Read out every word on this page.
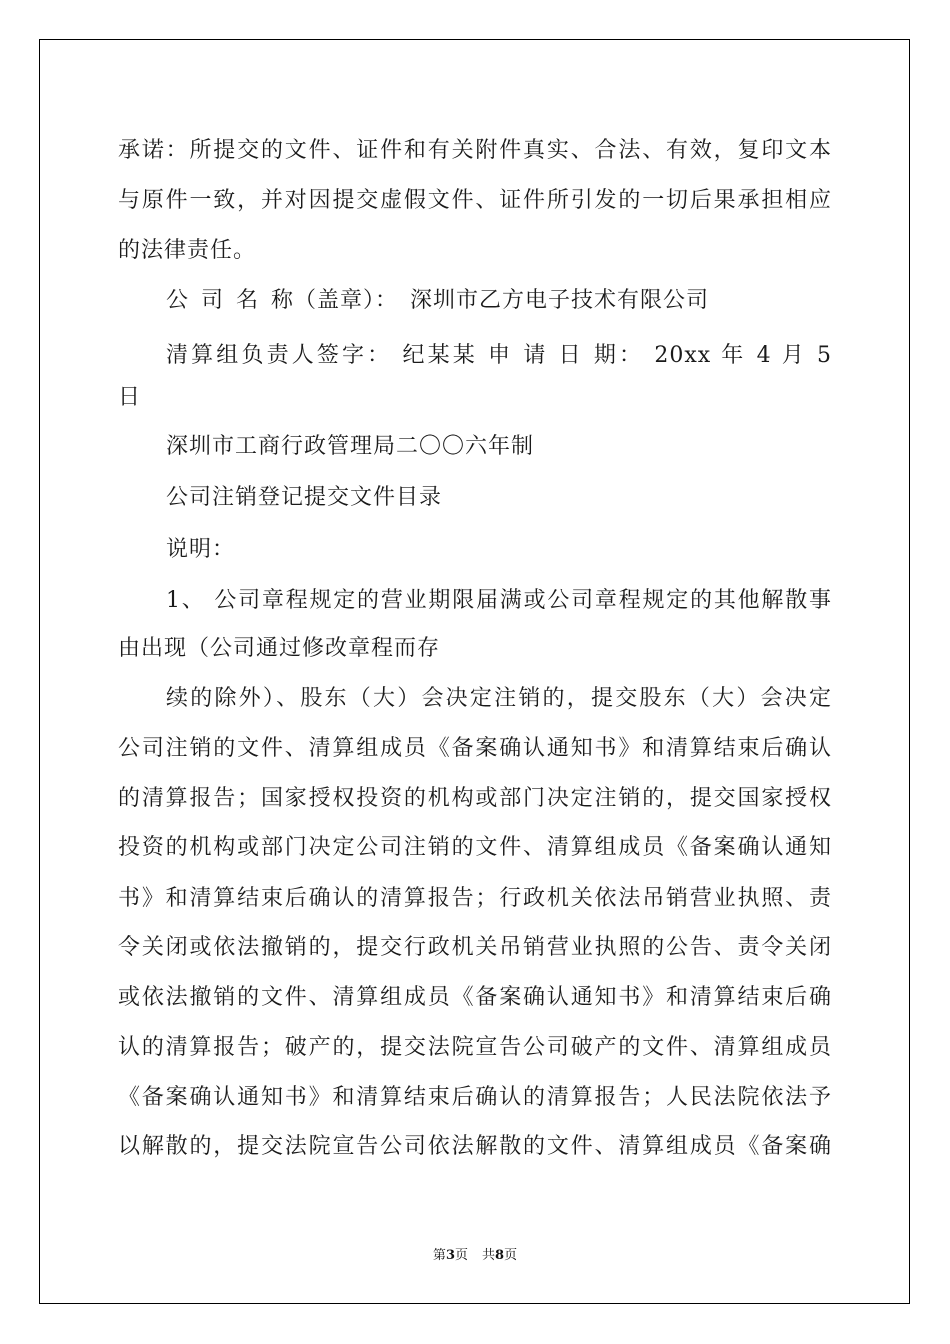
承诺：所提交的文件、证件和有关附件真实、合法、有效，复印文本
与原件一致，并对因提交虚假文件、证件所引发的一切后果承担相应
的法律责任。
公 司 名 称（盖章）： 深圳市乙方电子技术有限公司
清算组负责人签字： 纪某某 申 请 日 期： 20xx 年 4 月 5
日
深圳市工商行政管理局二〇〇六年制
公司注销登记提交文件目录
说明：
1、 公司章程规定的营业期限届满或公司章程规定的其他解散事
由出现（公司通过修改章程而存
续的除外）、股东（大）会决定注销的，提交股东（大）会决定
公司注销的文件、清算组成员《备案确认通知书》和清算结束后确认
的清算报告；国家授权投资的机构或部门决定注销的，提交国家授权
投资的机构或部门决定公司注销的文件、清算组成员《备案确认通知
书》和清算结束后确认的清算报告；行政机关依法吊销营业执照、责
令关闭或依法撤销的，提交行政机关吊销营业执照的公告、责令关闭
或依法撤销的文件、清算组成员《备案确认通知书》和清算结束后确
认的清算报告；破产的，提交法院宣告公司破产的文件、清算组成员
《备案确认通知书》和清算结束后确认的清算报告；人民法院依法予
以解散的，提交法院宣告公司依法解散的文件、清算组成员《备案确
第3页 共8页
